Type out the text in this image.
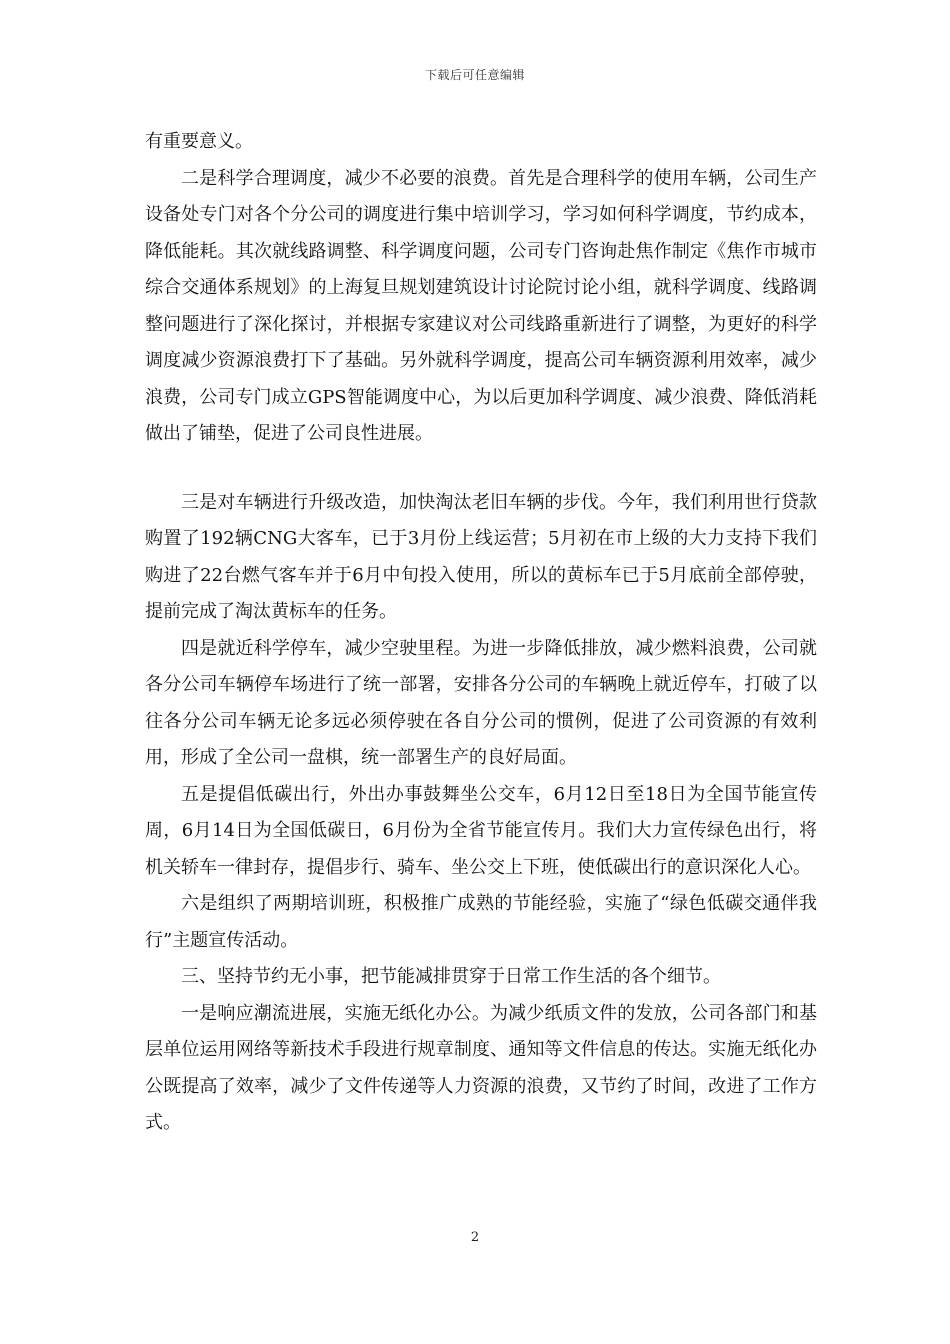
下载后可任意编辑

有重要意义。

二是科学合理调度，减少不必要的浪费。首先是合理科学的使用车辆，公司生产设备处专门对各个分公司的调度进行集中培训学习，学习如何科学调度，节约成本，降低能耗。其次就线路调整、科学调度问题，公司专门咨询赴焦作制定《焦作市城市综合交通体系规划》的上海复旦规划建筑设计讨论院讨论小组，就科学调度、线路调整问题进行了深化探讨，并根据专家建议对公司线路重新进行了调整，为更好的科学调度减少资源浪费打下了基础。另外就科学调度，提高公司车辆资源利用效率，减少浪费，公司专门成立GPS智能调度中心，为以后更加科学调度、减少浪费、降低消耗做出了铺垫，促进了公司良性进展。

三是对车辆进行升级改造，加快淘汰老旧车辆的步伐。今年，我们利用世行贷款购置了192辆CNG大客车，已于3月份上线运营；5月初在市上级的大力支持下我们购进了22台燃气客车并于6月中旬投入使用，所以的黄标车已于5月底前全部停驶，提前完成了淘汰黄标车的任务。

四是就近科学停车，减少空驶里程。为进一步降低排放，减少燃料浪费，公司就各分公司车辆停车场进行了统一部署，安排各分公司的车辆晚上就近停车，打破了以往各分公司车辆无论多远必须停驶在各自分公司的惯例，促进了公司资源的有效利用，形成了全公司一盘棋，统一部署生产的良好局面。

五是提倡低碳出行，外出办事鼓舞坐公交车，6月12日至18日为全国节能宣传周，6月14日为全国低碳日，6月份为全省节能宣传月。我们大力宣传绿色出行，将机关轿车一律封存，提倡步行、骑车、坐公交上下班，使低碳出行的意识深化人心。

六是组织了两期培训班，积极推广成熟的节能经验，实施了“绿色低碳交通伴我行”主题宣传活动。

三、坚持节约无小事，把节能减排贯穿于日常工作生活的各个细节。

一是响应潮流进展，实施无纸化办公。为减少纸质文件的发放，公司各部门和基层单位运用网络等新技术手段进行规章制度、通知等文件信息的传达。实施无纸化办公既提高了效率，减少了文件传递等人力资源的浪费，又节约了时间，改进了工作方式。

2
